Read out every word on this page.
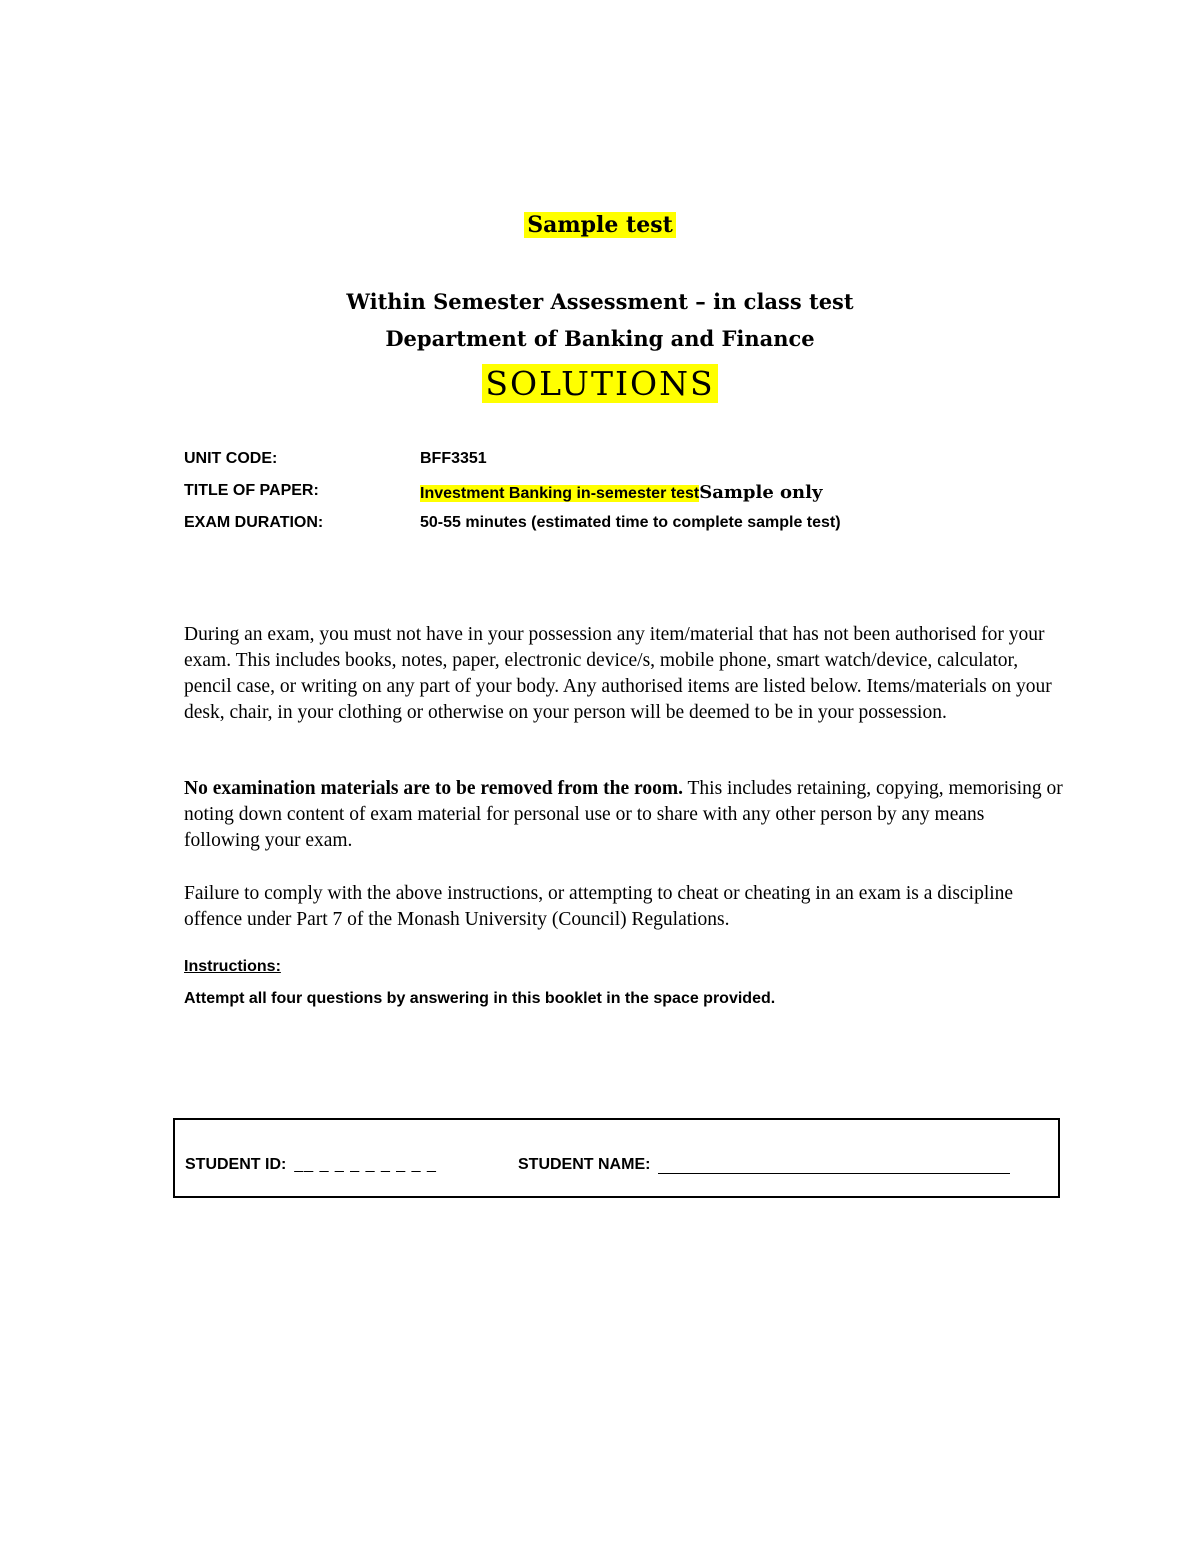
Sample test
Within Semester Assessment – in class test
Department of Banking and Finance
SOLUTIONS
UNIT CODE:	BFF3351
TITLE OF PAPER:	Investment Banking in-semester testSample only
EXAM DURATION:	50-55 minutes (estimated time to complete sample test)
During an exam, you must not have in your possession any item/material that has not been authorised for your exam. This includes books, notes, paper, electronic device/s, mobile phone, smart watch/device, calculator, pencil case, or writing on any part of your body. Any authorised items are listed below. Items/materials on your desk, chair, in your clothing or otherwise on your person will be deemed to be in your possession.
No examination materials are to be removed from the room. This includes retaining, copying, memorising or noting down content of exam material for personal use or to share with any other person by any means following your exam.
Failure to comply with the above instructions, or attempting to cheat or cheating in an exam is a discipline offence under Part 7 of the Monash University (Council) Regulations.
Instructions:
Attempt all four questions by answering in this booklet in the space provided.
STUDENT ID: __ _ _ _ _ _ _ _ _	STUDENT NAME:
